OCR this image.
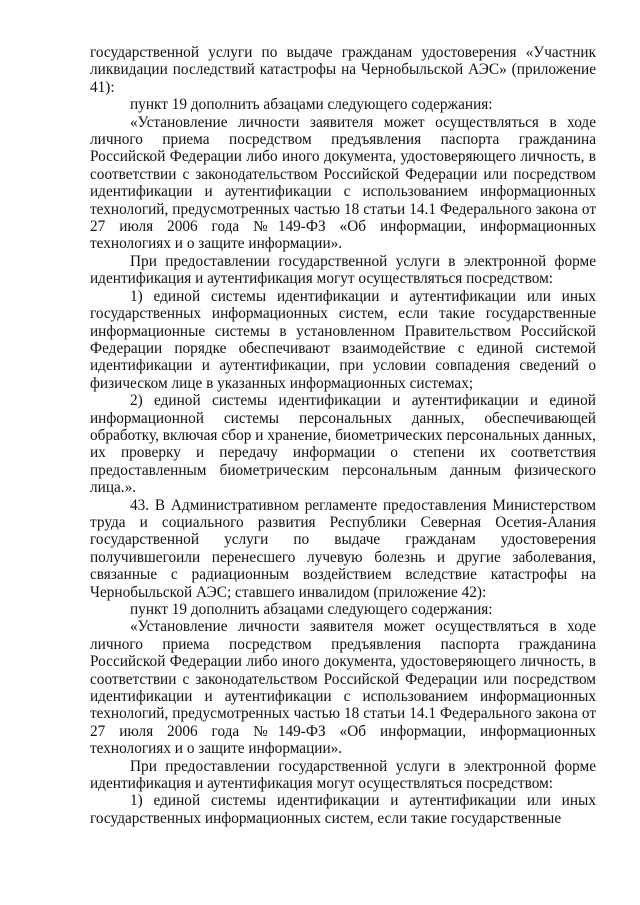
государственной услуги по выдаче гражданам удостоверения «Участник ликвидации последствий катастрофы на Чернобыльской АЭС» (приложение 41):

пункт 19 дополнить абзацами следующего содержания:

«Установление личности заявителя может осуществляться в ходе личного приема посредством предъявления паспорта гражданина Российской Федерации либо иного документа, удостоверяющего личность, в соответствии с законодательством Российской Федерации или посредством идентификации и аутентификации с использованием информационных технологий, предусмотренных частью 18 статьи 14.1 Федерального закона от 27 июля 2006 года №149-ФЗ «Об информации, информационных технологиях и о защите информации».

При предоставлении государственной услуги в электронной форме идентификация и аутентификация могут осуществляться посредством:

1) единой системы идентификации и аутентификации или иных государственных информационных систем, если такие государственные информационные системы в установленном Правительством Российской Федерации порядке обеспечивают взаимодействие с единой системой идентификации и аутентификации, при условии совпадения сведений о физическом лице в указанных информационных системах;

2) единой системы идентификации и аутентификации и единой информационной системы персональных данных, обеспечивающей обработку, включая сбор и хранение, биометрических персональных данных, их проверку и передачу информации о степени их соответствия предоставленным биометрическим персональным данным физического лица.».

43. В Административном регламенте предоставления Министерством труда и социального развития Республики Северная Осетия-Алания государственной услуги по выдаче гражданам удостоверения получившегоили перенесшего лучевую болезнь и другие заболевания, связанные с радиационным воздействием вследствие катастрофы на Чернобыльской АЭС; ставшего инвалидом (приложение 42):

пункт 19 дополнить абзацами следующего содержания:

«Установление личности заявителя может осуществляться в ходе личного приема посредством предъявления паспорта гражданина Российской Федерации либо иного документа, удостоверяющего личность, в соответствии с законодательством Российской Федерации или посредством идентификации и аутентификации с использованием информационных технологий, предусмотренных частью 18 статьи 14.1 Федерального закона от 27 июля 2006 года №149-ФЗ «Об информации, информационных технологиях и о защите информации».

При предоставлении государственной услуги в электронной форме идентификация и аутентификация могут осуществляться посредством:

1) единой системы идентификации и аутентификации или иных государственных информационных систем, если такие государственные
